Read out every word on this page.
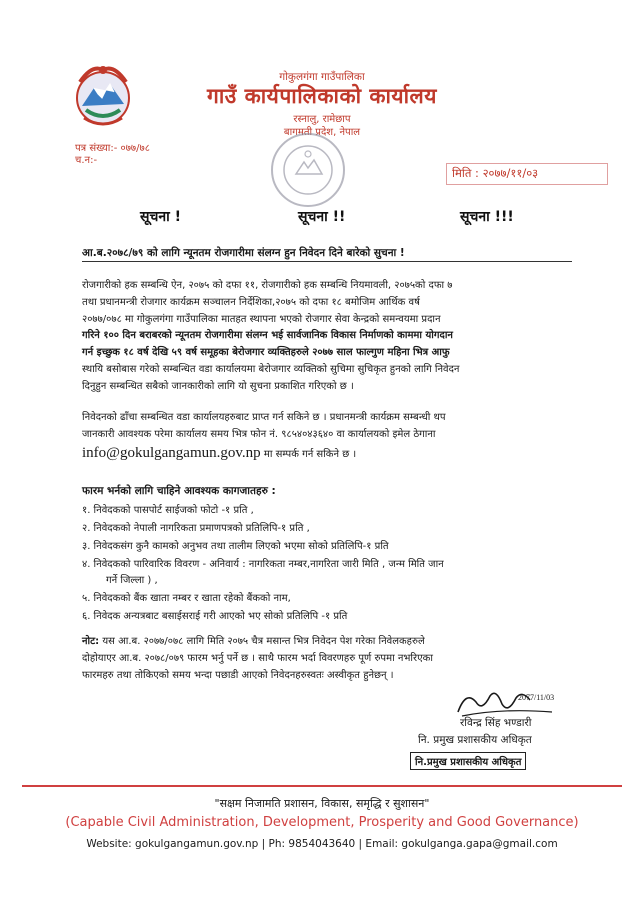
गोकुलगंगा गाउँपालिका
गाउँ कार्यपालिकाको कार्यालय
रस्नालु, रामेछाप
बागमती प्रदेश, नेपाल
पत्र संख्या:- ०७७/७८
च.न:-
मिति : २०७७/११/०३
सूचना !	सूचना !!	सूचना !!!
आ.ब.२०७८/७९ को लागि न्यूनतम रोजगारीमा संलग्न हुन निवेदन दिने बारेको सुचना !
रोजगारीको हक सम्बन्धि ऐन, २०७५ को दफा ११, रोजगारीको हक सम्बन्धि नियमावली, २०७५को दफा ७
तथा प्रधानमन्त्री रोजगार कार्यक्रम सञ्चालन निर्देशिका,२०७५ को दफा १८ बमोजिम आर्थिक वर्ष
२०७७/०७८ मा गोकुलगंगा गाउँपालिका मातहत स्थापना भएको रोजगार सेवा केन्द्रको समन्वयमा प्रदान
गरिने १०० दिन बराबरको न्यूनतम रोजगारीमा संलग्न भई सार्वजानिक विकास निर्माणको काममा योगदान
गर्न इच्छुक १८ वर्ष देखि ५९ वर्ष समूहका बेरोजगार व्यक्तिहरुले २०७७ साल फाल्गुण महिना भित्र आफु
स्थायि बसोबास गरेको सम्बन्धित वडा कार्यालयमा बेरोजगार व्यक्तिको सुचिमा सुचिकृत हुनको लागि निवेदन
दिनुहुन सम्बन्धित सबैको जानकारीको लागि यो सुचना प्रकाशित गरिएको छ ।
निवेदनको ढाँचा सम्बन्धित वडा कार्यालयहरुबाट प्राप्त गर्न सकिने छ । प्रधानमन्त्री कार्यक्रम सम्बन्धी थप
जानकारी आवश्यक परेमा कार्यालय समय भित्र फोन नं. ९८५४०४३६४० वा कार्यालयको इमेल ठेगाना
info@gokulgangamun.gov.np मा सम्पर्क गर्न सकिने छ ।
फारम भर्नको लागि चाहिने आवश्यक कागजातहरु :
१. निवेदकको पासपोर्ट साईजको फोटो -१ प्रति ,
२. निवेदकको नेपाली नागरिकता प्रमाणपत्रको प्रतिलिपि-१ प्रति ,
३. निवेदकसंग कुनै कामको अनुभव तथा तालीम लिएको भएमा सोको प्रतिलिपि-१ प्रति
४. निवेदकको पारिवारिक विवरण - अनिवार्य : नागरिकता नम्बर,नागरिता जारी मिति , जन्म मिति जान
गर्ने जिल्ला ) ,
५. निवेदकको बैंक खाता नम्बर र खाता रहेको बैंकको नाम,
६. निवेदक अन्यत्रबाट बसाईसराई गरी आएको भए सोको प्रतिलिपि -१ प्रति
नोट: यस आ.ब. २०७७/०७८ लागि मिति २०७५ चैत्र मसान्त भित्र निवेदन पेश गरेका निवेलकहरुले
दोहोयाएर आ.ब. २०७८/०७९ फारम भर्नु पर्ने छ । साथै फारम भर्दा विवरणहरु पूर्ण रुपमा नभरिएका
फारमहरु तथा तोकिएको समय भन्दा पछाडी आएको निवेदनहरुस्वतः अस्वीकृत हुनेछन् ।
2077/11/03
रविन्द्र सिंह भण्डारी
नि. प्रमुख प्रशासकीय अधिकृत
नि.प्रमुख प्रशासकीय अधिकृत
"सक्षम निजामति प्रशासन, विकास, समृद्धि र सुशासन"
(Capable Civil Administration, Development, Prosperity and Good Governance)
Website: gokulgangamun.gov.np | Ph: 9854043640 | Email: gokulganga.gapa@gmail.com
